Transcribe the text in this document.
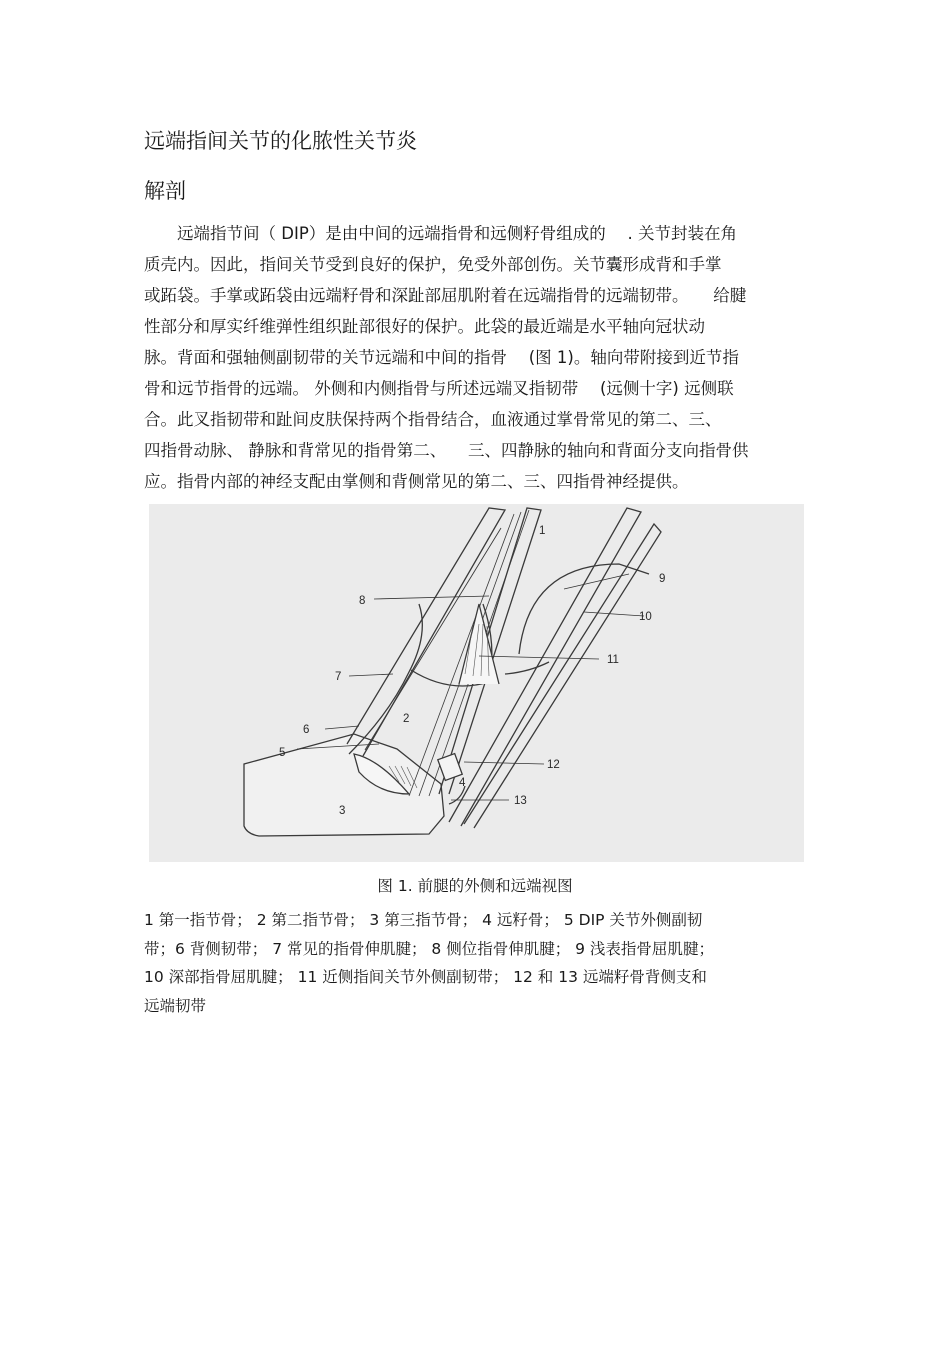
远端指间关节的化脓性关节炎
解剖
　　远端指节间（ DIP）是由中间的远端指骨和远侧籽骨组成的 　. 关节封装在角
质壳内。因此，指间关节受到良好的保护，免受外部创伤。关节囊形成背和手掌
或跖袋。手掌或跖袋由远端籽骨和深趾部屈肌附着在远端指骨的远端韧带。　　给腱
性部分和厚实纤维弹性组织趾部很好的保护。此袋的最近端是水平轴向冠状动
脉。背面和强轴侧副韧带的关节远端和中间的指骨 　(图 1)。轴向带附接到近节指
骨和远节指骨的远端。 外侧和内侧指骨与所述远端叉指韧带 　(远侧十字) 远侧联
合。此叉指韧带和趾间皮肤保持两个指骨结合，血液通过掌骨常见的第二、三、
四指骨动脉、 静脉和背常见的指骨第二、 　三、四静脉的轴向和背面分支向指骨供
应。指骨内部的神经支配由掌侧和背侧常见的第二、三、四指骨神经提供。
1
2
3
4
5
6
7
8
9
10
11
12
13
图 1. 前腿的外侧和远端视图
1 第一指节骨； 2 第二指节骨； 3 第三指节骨； 4 远籽骨； 5 DIP 关节外侧副韧
带；6 背侧韧带； 7 常见的指骨伸肌腱； 8 侧位指骨伸肌腱； 9 浅表指骨屈肌腱；
10 深部指骨屈肌腱； 11 近侧指间关节外侧副韧带； 12 和 13 远端籽骨背侧支和
远端韧带
